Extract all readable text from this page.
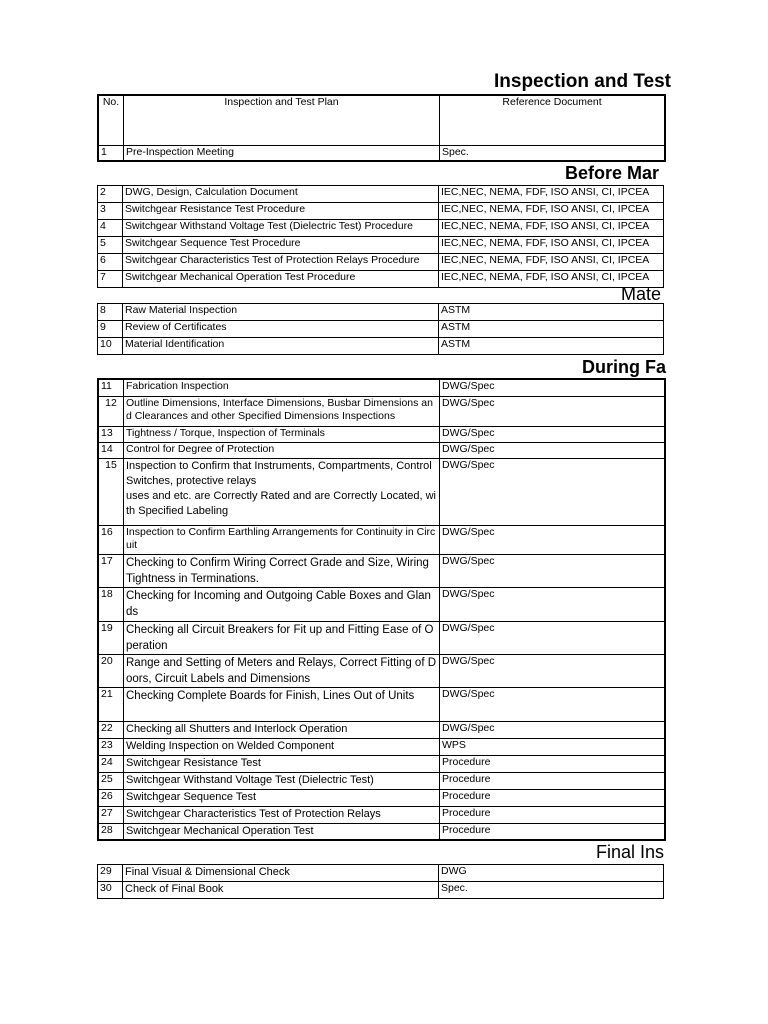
Inspection and Test
No.	Inspection and Test Plan	Reference Document
1	Pre-Inspection Meeting	Spec.
Before Mar
2	DWG, Design, Calculation Document	IEC,NEC, NEMA, FDF, ISO ANSI, CI, IPCEA
3	Switchgear Resistance Test Procedure	IEC,NEC, NEMA, FDF, ISO ANSI, CI, IPCEA
4	Switchgear Withstand Voltage Test (Dielectric Test) Procedure	IEC,NEC, NEMA, FDF, ISO ANSI, CI, IPCEA
5	Switchgear Sequence Test Procedure	IEC,NEC, NEMA, FDF, ISO ANSI, CI, IPCEA
6	Switchgear Characteristics Test of Protection Relays Procedure	IEC,NEC, NEMA, FDF, ISO ANSI, CI, IPCEA
7	Switchgear Mechanical Operation Test Procedure	IEC,NEC, NEMA, FDF, ISO ANSI, CI, IPCEA
Mate
8	Raw Material Inspection	ASTM
9	Review of Certificates	ASTM
10	Material Identification	ASTM
During Fa
11	Fabrication Inspection	DWG/Spec
12	Outline Dimensions, Interface Dimensions, Busbar Dimensions and Clearances and other Specified Dimensions Inspections	DWG/Spec
13	Tightness / Torque, Inspection of Terminals	DWG/Spec
14	Control for Degree of Protection	DWG/Spec
15	Inspection to Confirm that Instruments, Compartments, Control Switches, protective relays
uses and etc. are Correctly Rated and are Correctly Located, with Specified Labeling	DWG/Spec
16	Inspection to Confirm Earthling Arrangements for Continuity in Circuit	DWG/Spec
17	Checking to Confirm Wiring Correct Grade and Size, Wiring Tightness in Terminations.	DWG/Spec
18	Checking for Incoming and Outgoing Cable Boxes and Glands	DWG/Spec
19	Checking all Circuit Breakers for Fit up and Fitting Ease of Operation	DWG/Spec
20	Range and Setting of Meters and Relays, Correct Fitting of Doors, Circuit Labels and Dimensions	DWG/Spec
21	Checking Complete Boards for Finish, Lines Out of Units	DWG/Spec
22	Checking all Shutters and Interlock Operation	DWG/Spec
23	Welding Inspection on Welded Component	WPS
24	Switchgear Resistance Test	Procedure
25	Switchgear Withstand Voltage Test (Dielectric Test)	Procedure
26	Switchgear Sequence Test	Procedure
27	Switchgear Characteristics Test of Protection Relays	Procedure
28	Switchgear Mechanical Operation Test	Procedure
Final Ins
29	Final Visual & Dimensional Check	DWG
30	Check of Final Book	Spec.
